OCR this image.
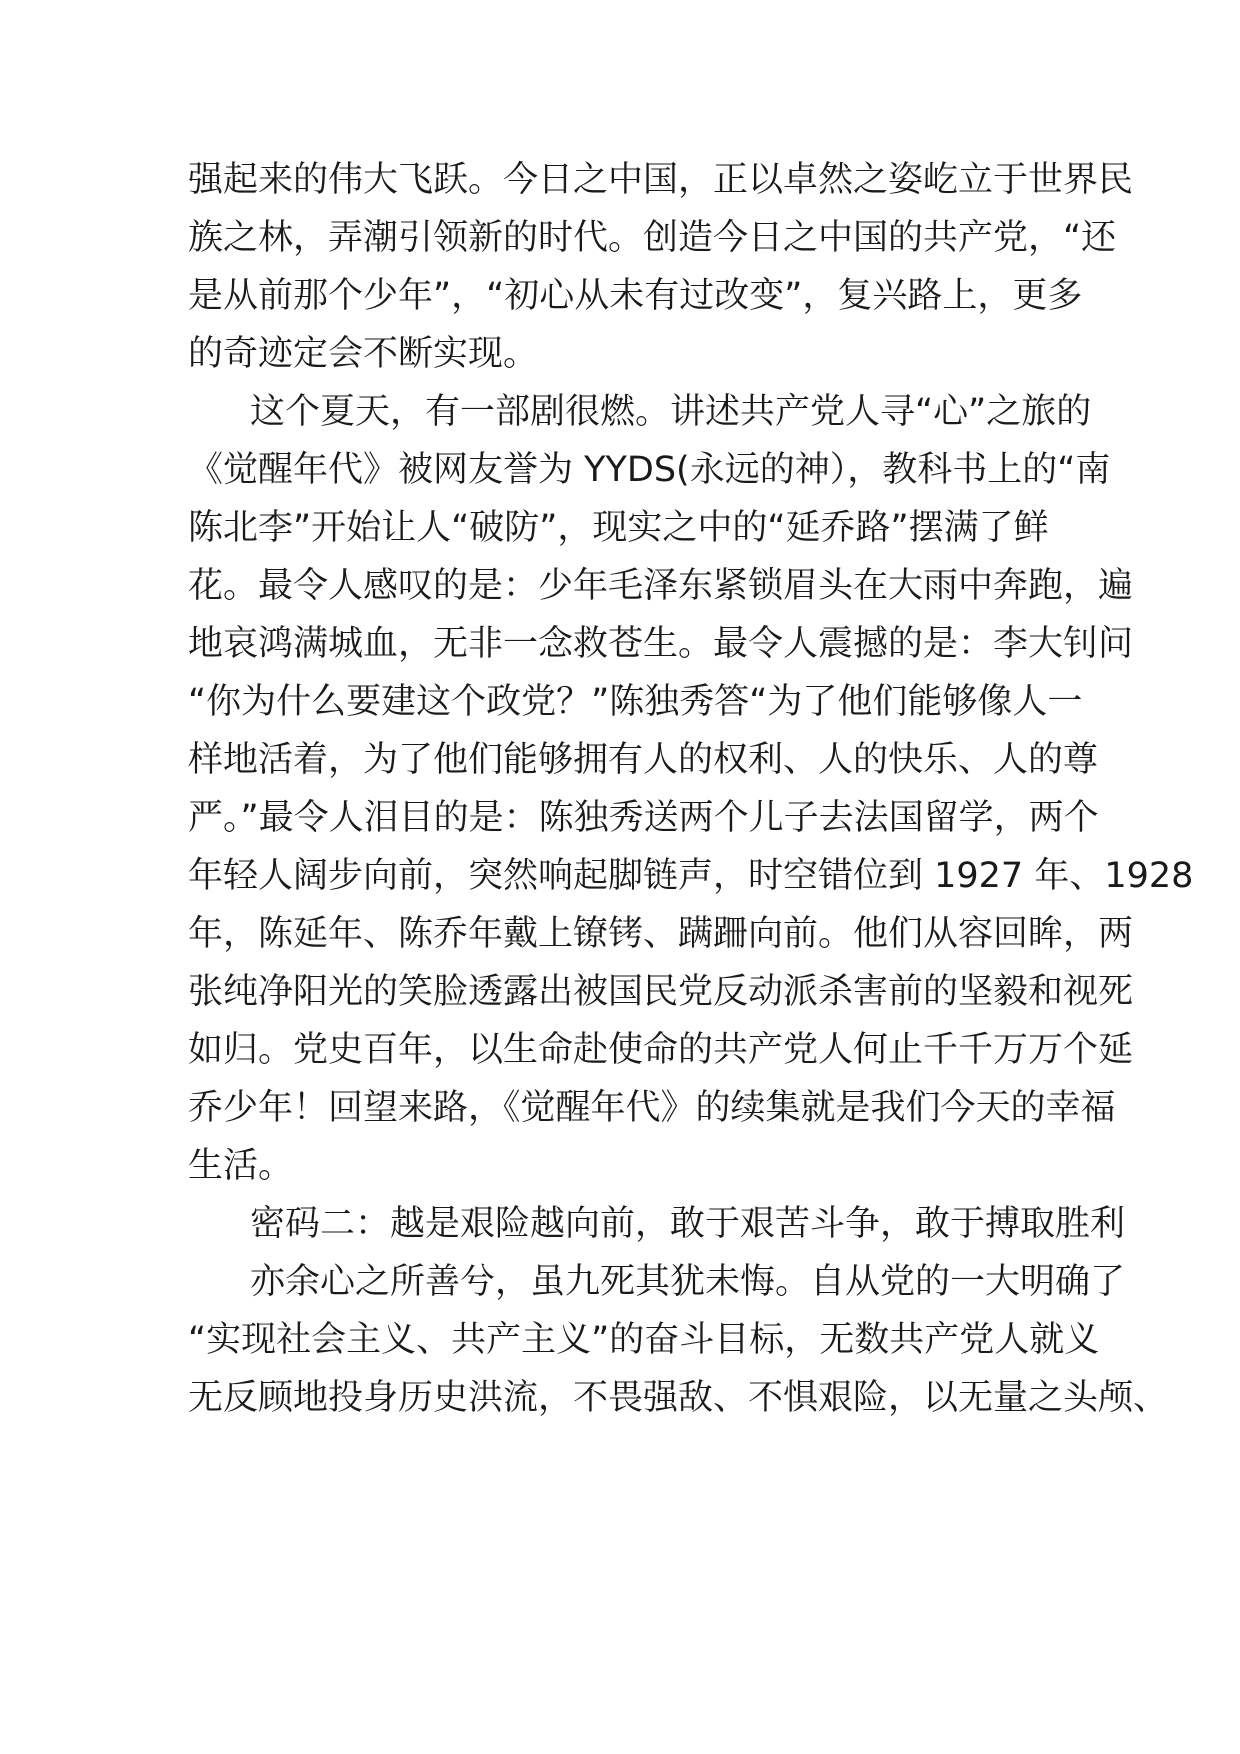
强起来的伟大飞跃。今日之中国，正以卓然之姿屹立于世界民
族之林，弄潮引领新的时代。创造今日之中国的共产党，“还
是从前那个少年”，“初心从未有过改变”，复兴路上，更多
的奇迹定会不断实现。
这个夏天，有一部剧很燃。讲述共产党人寻“心”之旅的
《觉醒年代》被网友誉为 YYDS(永远的神），教科书上的“南
陈北李”开始让人“破防”，现实之中的“延乔路”摆满了鲜
花。最令人感叹的是：少年毛泽东紧锁眉头在大雨中奔跑，遍
地哀鸿满城血，无非一念救苍生。最令人震撼的是：李大钊问
“你为什么要建这个政党？”陈独秀答“为了他们能够像人一
样地活着，为了他们能够拥有人的权利、人的快乐、人的尊
严。”最令人泪目的是：陈独秀送两个儿子去法国留学，两个
年轻人阔步向前，突然响起脚链声，时空错位到 1927 年、1928
年，陈延年、陈乔年戴上镣铐、蹒跚向前。他们从容回眸，两
张纯净阳光的笑脸透露出被国民党反动派杀害前的坚毅和视死
如归。党史百年，以生命赴使命的共产党人何止千千万万个延
乔少年！回望来路，《觉醒年代》的续集就是我们今天的幸福
生活。
密码二：越是艰险越向前，敢于艰苦斗争，敢于搏取胜利
亦余心之所善兮，虽九死其犹未悔。自从党的一大明确了
“实现社会主义、共产主义”的奋斗目标，无数共产党人就义
无反顾地投身历史洪流，不畏强敌、不惧艰险，以无量之头颅、
